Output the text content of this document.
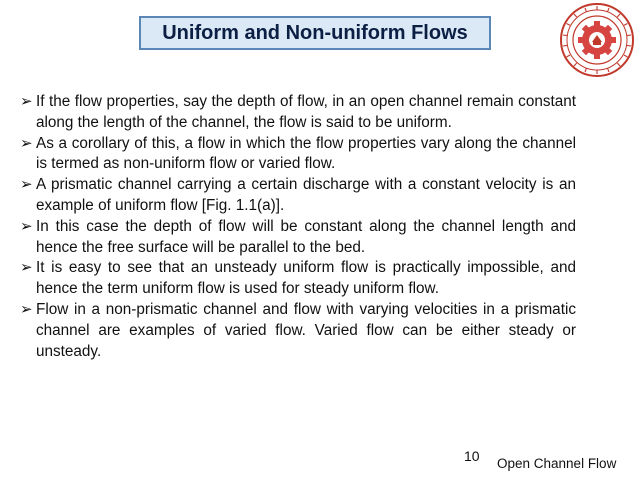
Uniform and Non-uniform Flows
➢ If the flow properties, say the depth of flow, in an open channel remain constant along the length of the channel, the flow is said to be uniform.
➢ As a corollary of this, a flow in which the flow properties vary along the channel is termed as non-uniform flow or varied flow.
➢ A prismatic channel carrying a certain discharge with a constant velocity is an example of uniform flow [Fig. 1.1(a)].
➢ In this case the depth of flow will be constant along the channel length and hence the free surface will be parallel to the bed.
➢ It is easy to see that an unsteady uniform flow is practically impossible, and hence the term uniform flow is used for steady uniform flow.
➢ Flow in a non-prismatic channel and flow with varying velocities in a prismatic channel are examples of varied flow. Varied flow can be either steady or unsteady.
10 Open Channel Flow
